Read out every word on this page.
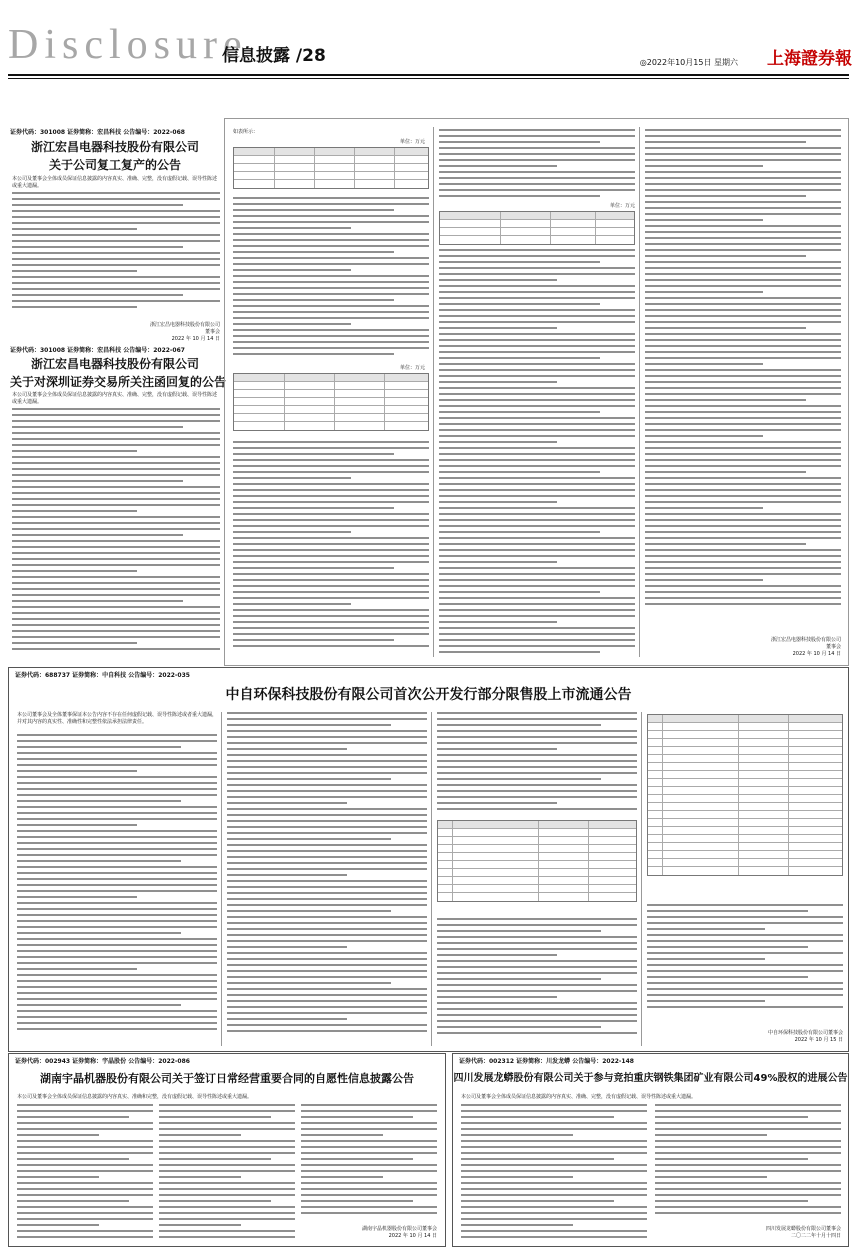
Disclosure
信息披露 /28	◎2022年10月15日 星期六	上海證券報
证券代码：301008 证券简称：宏昌科技 公告编号：2022-068
浙江宏昌电器科技股份有限公司
关于公司复工复产的公告
本公司及董事会全体成员保证信息披露的内容真实、准确、完整，没有虚假记载、误导性陈述或重大遗漏。
浙江宏昌电器科技股份有限公司
董事会
2022 年 10 月 14 日
证券代码：301008 证券简称：宏昌科技 公告编号：2022-067
浙江宏昌电器科技股份有限公司
关于对深圳证券交易所关注函回复的公告
本公司及董事会全体成员保证信息披露的内容真实、准确、完整，没有虚假记载、误导性陈述或重大遗漏。
如表所示：
单位：万元
单位：万元
单位：万元
浙江宏昌电器科技股份有限公司
董事会
2022 年 10 月 14 日
证券代码：688737 证券简称：中自科技 公告编号：2022-035
中自环保科技股份有限公司首次公开发行部分限售股上市流通公告
本公司董事会及全体董事保证本公告内容不存在任何虚假记载、误导性陈述或者重大遗漏，并对其内容的真实性、准确性和完整性依法承担法律责任。
中自环保科技股份有限公司董事会
2022 年 10 月 15 日
证券代码：002943 证券简称：宇晶股份 公告编号：2022-086
湖南宇晶机器股份有限公司关于签订日常经营重要合同的自愿性信息披露公告
本公司及董事会全体成员保证信息披露的内容真实、准确和完整，没有虚假记载、误导性陈述或重大遗漏。
湖南宇晶机器股份有限公司董事会
2022 年 10 月 14 日
证券代码：002312 证券简称：川发龙蟒 公告编号：2022-148
四川发展龙蟒股份有限公司关于参与竞拍重庆钢铁集团矿业有限公司49%股权的进展公告
本公司及董事会全体成员保证信息披露的内容真实、准确、完整，没有虚假记载、误导性陈述或重大遗漏。
四川发展龙蟒股份有限公司董事会
二〇二二年十月十四日
